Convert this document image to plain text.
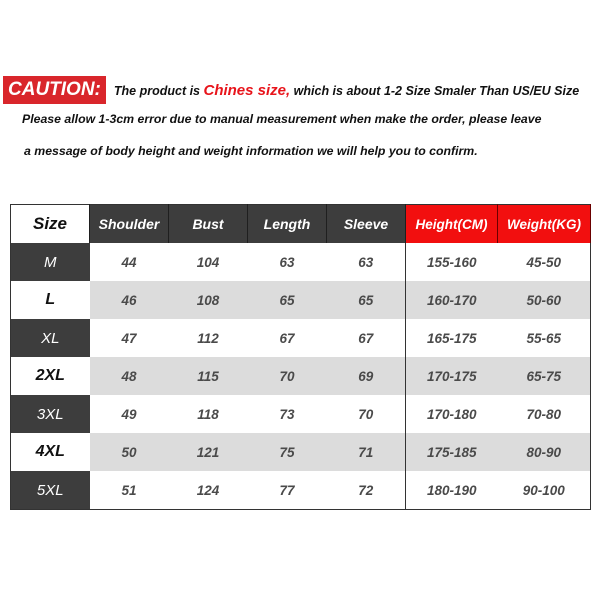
CAUTION:	The product is Chines size, which is about 1-2 Size Smaler Than US/EU Size
Please allow 1-3cm error due to manual measurement when make the order, please leave
a message of body height and weight information we will help you to confirm.
Size	Shoulder	Bust	Length	Sleeve	Height(CM)	Weight(KG)
M	44	104	63	63	155-160	45-50
L	46	108	65	65	160-170	50-60
XL	47	112	67	67	165-175	55-65
2XL	48	115	70	69	170-175	65-75
3XL	49	118	73	70	170-180	70-80
4XL	50	121	75	71	175-185	80-90
5XL	51	124	77	72	180-190	90-100
